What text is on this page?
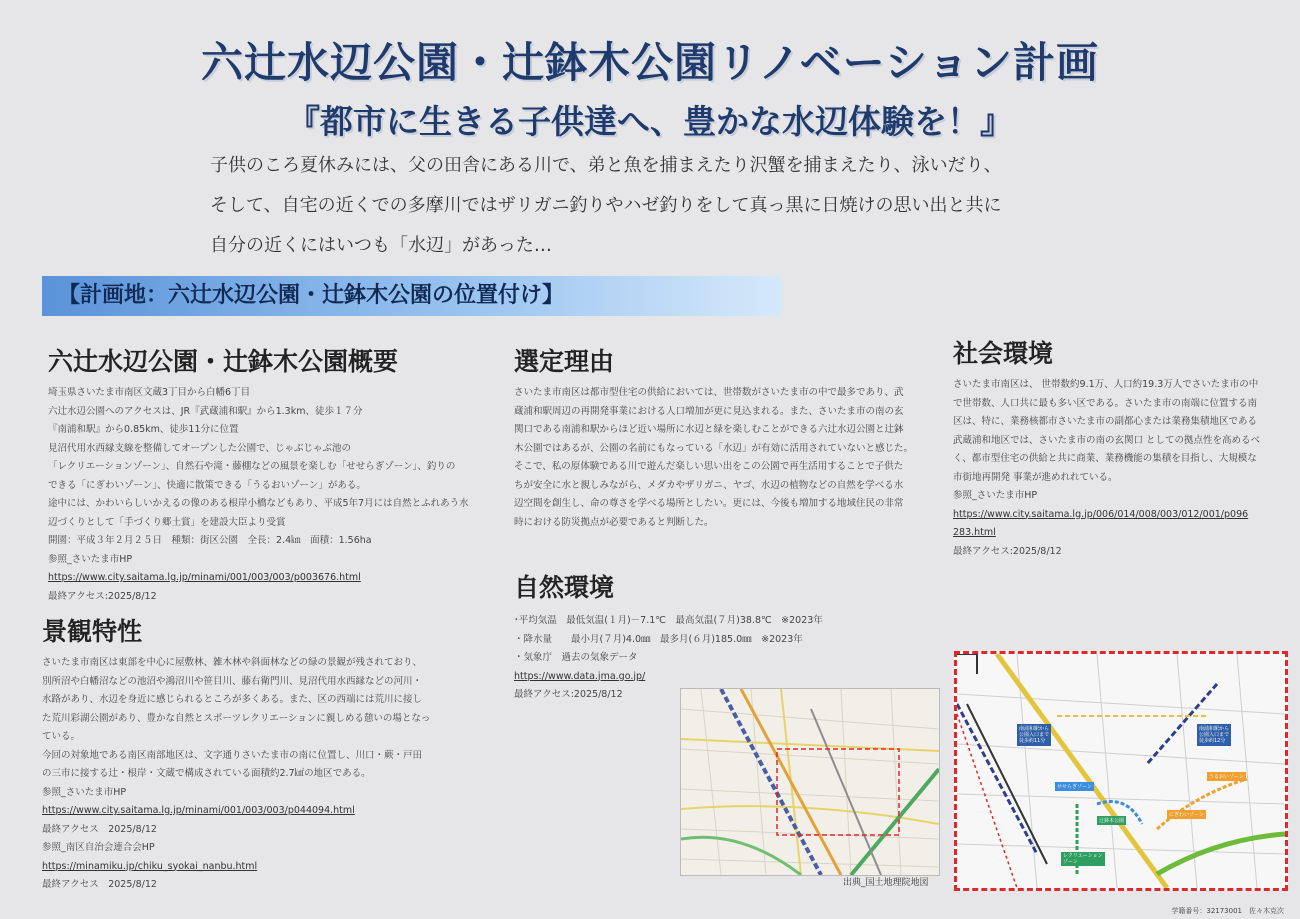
六辻水辺公園・辻鉢木公園リノベーション計画
『都市に生きる子供達へ、豊かな水辺体験を！』
子供のころ夏休みには、父の田舎にある川で、弟と魚を捕まえたり沢蟹を捕まえたり、泳いだり、
そして、自宅の近くでの多摩川ではザリガニ釣りやハゼ釣りをして真っ黒に日焼けの思い出と共に
自分の近くにはいつも「水辺」があった…
【計画地：六辻水辺公園・辻鉢木公園の位置付け】
六辻水辺公園・辻鉢木公園概要
埼玉県さいたま市南区文蔵3丁目から白幡6丁目
六辻水辺公園へのアクセスは、JR『武蔵浦和駅』から1.3km、徒歩１７分
『南浦和駅』から0.85km、徒歩11分に位置
見沼代用水西縁支線を整備してオープンした公園で、じゃぶじゃぶ池の
「レクリエーションゾーン」、自然石や滝・藤棚などの風景を楽しむ「せせらぎゾーン」、釣りの
できる「にぎわいゾーン」、快適に散策できる「うるおいゾーン」がある。
途中には、かわいらしいかえるの像のある根岸小橋などもあり、平成5年7月には自然とふれあう水
辺づくりとして「手づくり郷土賞」を建設大臣より受賞
開園：平成３年２月２５日　種類：街区公園　全長：2.4㎞　面積：1.56ha
参照_さいたま市HP
https://www.city.saitama.lg.jp/minami/001/003/003/p003676.html
最終アクセス:2025/8/12
景観特性
さいたま市南区は東部を中心に屋敷林、雑木林や斜面林などの緑の景観が残されており、
別所沼や白幡沼などの池沼や鴻沼川や笹目川、藤右衛門川、見沼代用水西縁などの河川・
水路があり、水辺を身近に感じられるところが多くある。また、区の西端には荒川に接し
た荒川彩湖公園があり、豊かな自然とスポーツレクリエーションに親しめる憩いの場となっ
ている。
今回の対象地である南区南部地区は、文字通りさいたま市の南に位置し、川口・蕨・戸田
の三市に接する辻・根岸・文蔵で構成されている面積約2.7㎢の地区である。
参照_さいたま市HP
https://www.city.saitama.lg.jp/minami/001/003/003/p044094.html
最終アクセス　2025/8/12
参照_南区自治会連合会HP
https://minamiku.jp/chiku_syokai_nanbu.html
最終アクセス　2025/8/12
選定理由
さいたま市南区は都市型住宅の供給においては、世帯数がさいたま市の中で最多であり、武
蔵浦和駅周辺の再開発事業における人口増加が更に見込まれる。また、さいたま市の南の玄
関口である南浦和駅からほど近い場所に水辺と緑を楽しむことができる六辻水辺公園と辻鉢
木公園ではあるが、公園の名前にもなっている「水辺」が有効に活用されていないと感じた。
そこで、私の原体験である川で遊んだ楽しい思い出をこの公園で再生活用することで子供た
ちが安全に水と親しみながら、メダカやザリガニ、ヤゴ、水辺の植物などの自然を学べる水
辺空間を創生し、命の尊さを学べる場所としたい。更には、今後も増加する地域住民の非常
時における防災拠点が必要であると判断した。
自然環境
･平均気温　最低気温(１月)－7.1℃　最高気温(７月)38.8℃　※2023年
・降水量　　最小月(７月)4.0㎜　最多月(６月)185.0㎜　※2023年
・気象庁　過去の気象データ
https://www.data.jma.go.jp/
最終アクセス:2025/8/12
社会環境
さいたま市南区は、 世帯数約9.1万、人口約19.3万人でさいたま市の中
で世帯数、人口共に最も多い区である。さいたま市の南端に位置する南
区は、特に、業務核都市さいたま市の副都心または業務集積地区である
武蔵浦和地区では、さいたま市の南の玄関口 としての拠点性を高めるべ
く、都市型住宅の供給と共に商業、業務機能の集積を目指し、大規模な
市街地再開発 事業が進めれれている。
参照_さいたま市HP
https://www.city.saitama.lg.jp/006/014/008/003/012/001/p096
283.html
最終アクセス:2025/8/12
出典_国土地理院地図
南浦和駅から
公園入口まで
徒歩約11分
南浦和駅から
公園入口まで
徒歩約12分
せせらぎゾーン
うるおいゾーン
にぎわいゾーン
辻鉢木公園
レクリエーション
ゾーン
学籍番号：32173001　佐々木克次
